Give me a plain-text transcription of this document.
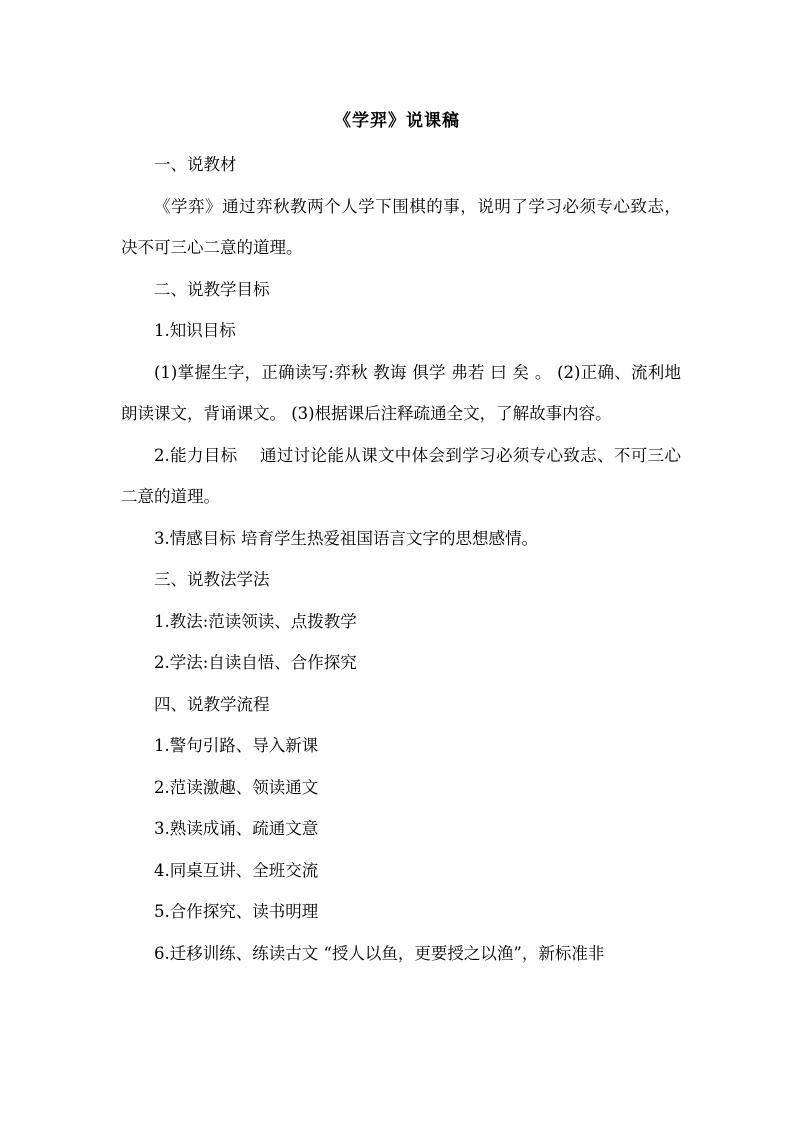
《学羿》说课稿

一、说教材

《学弈》通过弈秋教两个人学下围棋的事，说明了学习必须专心致志，决不可三心二意的道理。

二、说教学目标

1.知识目标

(1)掌握生字，正确读写:弈秋 教诲 俱学 弗若 曰 矣 。 (2)正确、流利地朗读课文，背诵课文。 (3)根据课后注释疏通全文，了解故事内容。

2.能力目标　 通过讨论能从课文中体会到学习必须专心致志、不可三心二意的道理。

3.情感目标 培育学生热爱祖国语言文字的思想感情。

三、说教法学法

1.教法:范读领读、点拨教学

2.学法:自读自悟、合作探究

四、说教学流程

1.警句引路、导入新课

2.范读激趣、领读通文

3.熟读成诵、疏通文意

4.同桌互讲、全班交流

5.合作探究、读书明理

6.迁移训练、练读古文 “授人以鱼，更要授之以渔”，新标准非
